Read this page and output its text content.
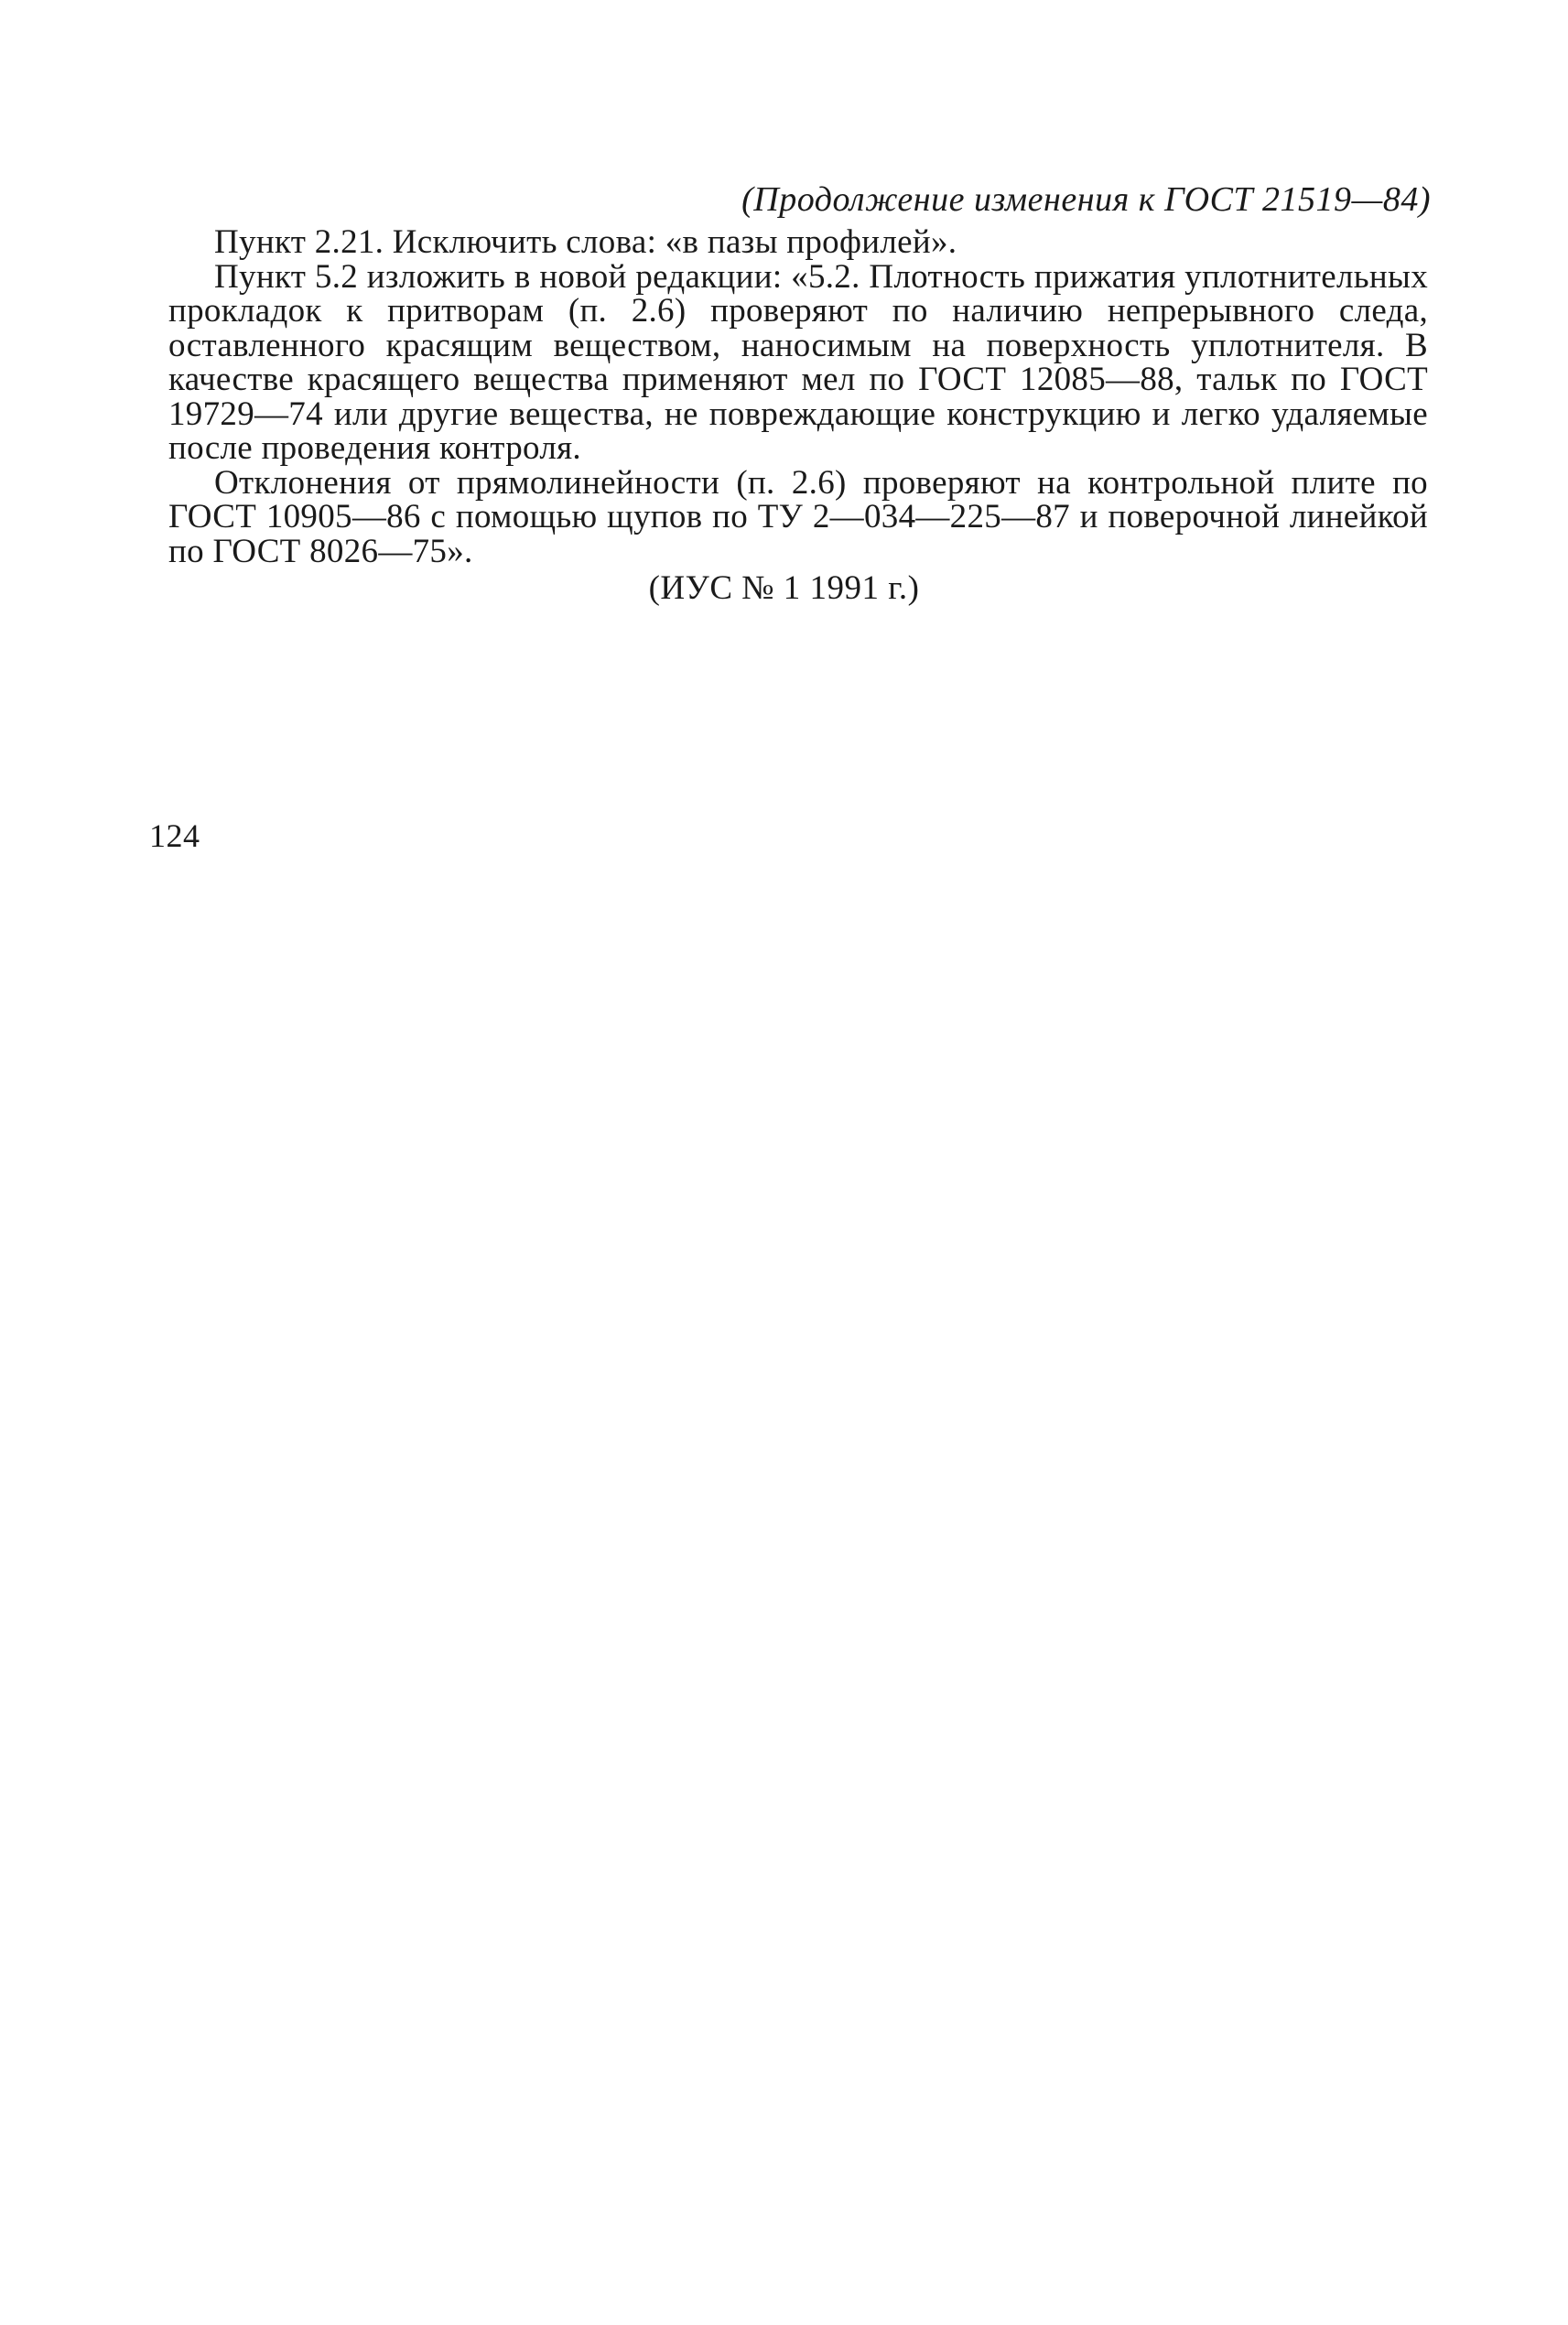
(Продолжение изменения к ГОСТ 21519—84)

Пункт 2.21. Исключить слова: «в пазы профилей».

Пункт 5.2 изложить в новой редакции: «5.2. Плотность прижатия уплотнительных прокладок к притворам (п. 2.6) проверяют по наличию непрерывного следа, оставленного красящим веществом, наносимым на поверхность уплотнителя. В качестве красящего вещества применяют мел по ГОСТ 12085—88, тальк по ГОСТ 19729—74 или другие вещества, не повреждающие конструкцию и легко удаляемые после проведения контроля.

Отклонения от прямолинейности (п. 2.6) проверяют на контрольной плите по ГОСТ 10905—86 с помощью щупов по ТУ 2—034—225—87 и поверочной линейкой по ГОСТ 8026—75».

(ИУС № 1 1991 г.)
124
